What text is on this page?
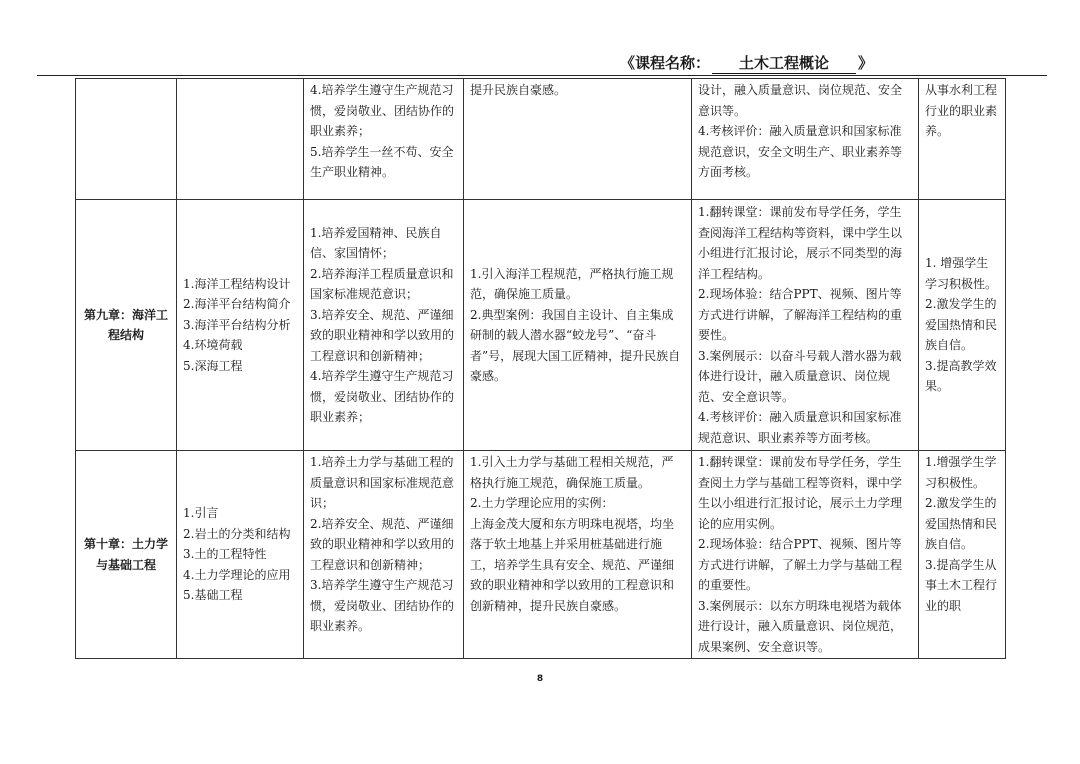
《课程名称： 土木工程概论 》
		4.培养学生遵守生产规范习惯，爱岗敬业、团结协作的职业素养；
5.培养学生一丝不苟、安全生产职业精神。	提升民族自豪感。	设计，融入质量意识、岗位规范、安全意识等。
4.考核评价：融入质量意识和国家标准规范意识，安全文明生产、职业素养等方面考核。	从事水利工程行业的职业素养。
第九章：海洋工程结构	1.海洋工程结构设计
2.海洋平台结构简介
3.海洋平台结构分析
4.环境荷载
5.深海工程	1.培养爱国精神、民族自信、家国情怀；
2.培养海洋工程质量意识和国家标准规范意识；
3.培养安全、规范、严谨细致的职业精神和学以致用的工程意识和创新精神；
4.培养学生遵守生产规范习惯，爱岗敬业、团结协作的职业素养；	1.引入海洋工程规范，严格执行施工规范，确保施工质量。
2.典型案例：我国自主设计、自主集成研制的载人潜水器“蛟龙号”、“奋斗者”号，展现大国工匠精神，提升民族自豪感。	1.翻转课堂：课前发布导学任务，学生查阅海洋工程结构等资料，课中学生以小组进行汇报讨论，展示不同类型的海洋工程结构。
2.现场体验：结合PPT、视频、图片等方式进行讲解，了解海洋工程结构的重要性。
3.案例展示：以奋斗号载人潜水器为载体进行设计，融入质量意识、岗位规范、安全意识等。
4.考核评价：融入质量意识和国家标准规范意识、职业素养等方面考核。	1. 增强学生学习积极性。
2.激发学生的爱国热情和民族自信。
3.提高教学效果。
第十章：土力学与基础工程	1.引言
2.岩土的分类和结构
3.土的工程特性
4.土力学理论的应用
5.基础工程	1.培养土力学与基础工程的质量意识和国家标准规范意识；
2.培养安全、规范、严谨细致的职业精神和学以致用的工程意识和创新精神；
3.培养学生遵守生产规范习惯，爱岗敬业、团结协作的职业素养。	1.引入土力学与基础工程相关规范，严格执行施工规范，确保施工质量。
2.土力学理论应用的实例：
上海金茂大厦和东方明珠电视塔，均坐落于软土地基上并采用桩基础进行施工，培养学生具有安全、规范、严谨细致的职业精神和学以致用的工程意识和创新精神，提升民族自豪感。	1.翻转课堂：课前发布导学任务，学生查阅土力学与基础工程等资料，课中学生以小组进行汇报讨论，展示土力学理论的应用实例。
2.现场体验：结合PPT、视频、图片等方式进行讲解，了解土力学与基础工程的重要性。
3.案例展示：以东方明珠电视塔为载体进行设计，融入质量意识、岗位规范，成果案例、安全意识等。	1.增强学生学习积极性。
2.激发学生的爱国热情和民族自信。
3.提高学生从事土木工程行业的职
8
